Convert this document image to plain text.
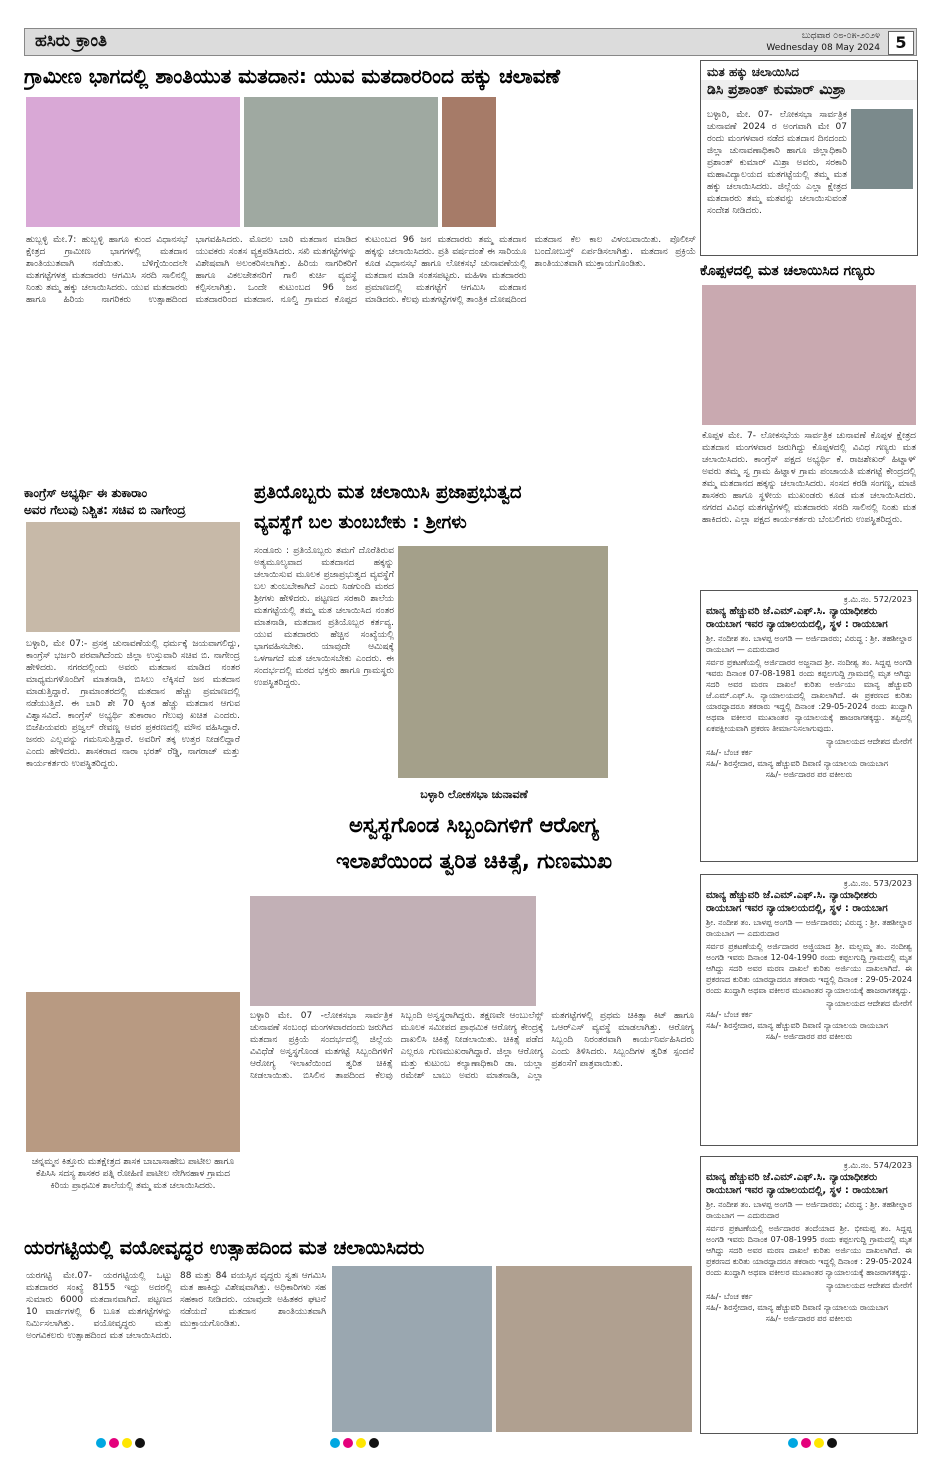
ಹಸಿರು ಕ್ರಾಂತಿ	ಬುಧವಾರ ೦೮-೦೫-೨೦೨೪
Wednesday 08 May 2024 5
ಗ್ರಾಮೀಣ ಭಾಗದಲ್ಲಿ ಶಾಂತಿಯುತ ಮತದಾನ: ಯುವ ಮತದಾರರಿಂದ ಹಕ್ಕು ಚಲಾವಣೆ
ಹುಬ್ಬಳ್ಳಿ ಮೇ.7: ಹುಬ್ಬಳ್ಳಿ ಹಾಗೂ ಕುಂದ ವಿಧಾನಸಭೆ ಕ್ಷೇತ್ರದ ಗ್ರಾಮೀಣ ಭಾಗಗಳಲ್ಲಿ ಮತದಾನ ಶಾಂತಿಯುತವಾಗಿ ನಡೆಯಿತು. ಬೆಳಿಗ್ಗೆಯಿಂದಲೇ ಮತಗಟ್ಟೆಗಳತ್ತ ಮತದಾರರು ಆಗಮಿಸಿ ಸರದಿ ಸಾಲಿನಲ್ಲಿ ನಿಂತು ತಮ್ಮ ಹಕ್ಕು ಚಲಾಯಿಸಿದರು. ಯುವ ಮತದಾರರು ಹಾಗೂ ಹಿರಿಯ ನಾಗರಿಕರು ಉತ್ಸಾಹದಿಂದ ಭಾಗವಹಿಸಿದರು. ಮೊದಲ ಬಾರಿ ಮತದಾನ ಮಾಡಿದ ಯುವಕರು ಸಂತಸ ವ್ಯಕ್ತಪಡಿಸಿದರು. ಸಖಿ ಮತಗಟ್ಟೆಗಳನ್ನು ವಿಶೇಷವಾಗಿ ಅಲಂಕರಿಸಲಾಗಿತ್ತು. ಹಿರಿಯ ನಾಗರಿಕರಿಗೆ ಹಾಗೂ ವಿಕಲಚೇತನರಿಗೆ ಗಾಲಿ ಕುರ್ಚಿ ವ್ಯವಸ್ಥೆ ಕಲ್ಪಿಸಲಾಗಿತ್ತು. ಒಂದೇ ಕುಟುಂಬದ 96 ಜನ ಮತದಾರರಿಂದ ಮತದಾನ. ನೂಲ್ವಿ ಗ್ರಾಮದ ಕೊಪ್ಪದ ಕುಟುಂಬದ 96 ಜನ ಮತದಾರರು ತಮ್ಮ ಮತದಾನ ಹಕ್ಕನ್ನು ಚಲಾಯಿಸಿದರು. ಪ್ರತಿ ವರ್ಷದಂತೆ ಈ ಸಾರಿಯೂ ಕೂಡ ವಿಧಾನಸಭೆ ಹಾಗೂ ಲೋಕಸಭೆ ಚುನಾವಣೆಯಲ್ಲಿ ಮತದಾನ ಮಾಡಿ ಸಂತಸಪಟ್ಟರು. ಮಹಿಳಾ ಮತದಾರರು ಪ್ರಮಾಣದಲ್ಲಿ ಮತಗಟ್ಟೆಗೆ ಆಗಮಿಸಿ ಮತದಾನ ಮಾಡಿದರು. ಕೆಲವು ಮತಗಟ್ಟೆಗಳಲ್ಲಿ ತಾಂತ್ರಿಕ ದೋಷದಿಂದ ಮತದಾನ ಕೆಲ ಕಾಲ ವಿಳಂಬವಾಯಿತು. ಪೊಲೀಸ್ ಬಂದೋಬಸ್ತ್ ಏರ್ಪಡಿಸಲಾಗಿತ್ತು. ಮತದಾನ ಪ್ರಕ್ರಿಯೆ ಶಾಂತಿಯುತವಾಗಿ ಮುಕ್ತಾಯಗೊಂಡಿತು.
ಮತ ಹಕ್ಕು ಚಲಾಯಿಸಿದ
ಡಿಸಿ ಪ್ರಶಾಂತ್ ಕುಮಾರ್ ಮಿಶ್ರಾ
ಬಳ್ಳಾರಿ, ಮೇ. 07- ಲೋಕಸಭಾ ಸಾರ್ವತ್ರಿಕ ಚುನಾವಣೆ 2024 ರ ಅಂಗವಾಗಿ ಮೇ 07 ರಂದು ಮಂಗಳವಾರ ನಡೆದ ಮತದಾನ ದಿನದಂದು ಜಿಲ್ಲಾ ಚುನಾವಣಾಧಿಕಾರಿ ಹಾಗೂ ಜಿಲ್ಲಾಧಿಕಾರಿ ಪ್ರಶಾಂತ್ ಕುಮಾರ್ ಮಿಶ್ರಾ ಅವರು, ಸರಕಾರಿ ಮಹಾವಿದ್ಯಾಲಯದ ಮತಗಟ್ಟೆಯಲ್ಲಿ ತಮ್ಮ ಮತ ಹಕ್ಕು ಚಲಾಯಿಸಿದರು. ಜಿಲ್ಲೆಯ ಎಲ್ಲಾ ಕ್ಷೇತ್ರದ ಮತದಾರರು ತಮ್ಮ ಮತವನ್ನು ಚಲಾಯಿಸುವಂತೆ ಸಂದೇಶ ನೀಡಿದರು.
ಕೊಪ್ಪಳದಲ್ಲಿ ಮತ ಚಲಾಯಿಸಿದ ಗಣ್ಯರು
ಕೊಪ್ಪಳ ಮೇ. 7- ಲೋಕಸಭೆಯ ಸಾರ್ವತ್ರಿಕ ಚುನಾವಣೆ ಕೊಪ್ಪಳ ಕ್ಷೇತ್ರದ ಮತದಾನ ಮಂಗಳವಾರ ಜರುಗಿದ್ದು ಕೊಪ್ಪಳದಲ್ಲಿ ವಿವಿಧ ಗಣ್ಯರು ಮತ ಚಲಾಯಿಸಿದರು. ಕಾಂಗ್ರೆಸ್ ಪಕ್ಷದ ಅಭ್ಯರ್ಥಿ ಕೆ. ರಾಜಶೇಖರ್ ಹಿಟ್ನಾಳ್ ಅವರು ತಮ್ಮ ಸ್ವ ಗ್ರಾಮ ಹಿಟ್ನಾಳ ಗ್ರಾಮ ಪಂಚಾಯತಿ ಮತಗಟ್ಟೆ ಕೇಂದ್ರದಲ್ಲಿ ತಮ್ಮ ಮತದಾನದ ಹಕ್ಕನ್ನು ಚಲಾಯಿಸಿದರು. ಸಂಸದ ಕರಡಿ ಸಂಗಣ್ಣ, ಮಾಜಿ ಶಾಸಕರು ಹಾಗೂ ಸ್ಥಳೀಯ ಮುಖಂಡರು ಕೂಡ ಮತ ಚಲಾಯಿಸಿದರು. ನಗರದ ವಿವಿಧ ಮತಗಟ್ಟೆಗಳಲ್ಲಿ ಮತದಾರರು ಸರದಿ ಸಾಲಿನಲ್ಲಿ ನಿಂತು ಮತ ಹಾಕಿದರು. ಎಲ್ಲಾ ಪಕ್ಷದ ಕಾರ್ಯಕರ್ತರು ಬೆಂಬಲಿಗರು ಉಪಸ್ಥಿತರಿದ್ದರು.
ಕಾಂಗ್ರೆಸ್ ಅಭ್ಯರ್ಥಿ ಈ ತುಕಾರಾಂ
ಅವರ ಗೆಲುವು ನಿಶ್ಚಿತ: ಸಚಿವ ಬಿ ನಾಗೇಂದ್ರ
ಬಳ್ಳಾರಿ, ಮೇ 07:- ಪ್ರಸಕ್ತ ಚುನಾವಣೆಯಲ್ಲಿ ಧರ್ಮಕ್ಕೆ ಜಯವಾಗಲಿದ್ದು, ಕಾಂಗ್ರೆಸ್ ಭರ್ಜರಿ ಪರವಾಗಿದೆಂದು ಜಿಲ್ಲಾ ಉಸ್ತುವಾರಿ ಸಚಿವ ಬಿ. ನಾಗೇಂದ್ರ ಹೇಳಿದರು. ನಗರದಲ್ಲಿಂದು ಅವರು ಮತದಾನ ಮಾಡಿದ ನಂತರ ಮಾಧ್ಯಮಗಳೊಂದಿಗೆ ಮಾತನಾಡಿ, ಬಿಸಿಲು ಲೆಕ್ಕಿಸದೆ ಜನ ಮತದಾನ ಮಾಡುತ್ತಿದ್ದಾರೆ. ಗ್ರಾಮಾಂತರದಲ್ಲಿ ಮತದಾನ ಹೆಚ್ಚು ಪ್ರಮಾಣದಲ್ಲಿ ನಡೆಯುತ್ತಿದೆ. ಈ ಬಾರಿ ಶೇ 70 ಕ್ಕಿಂತ ಹೆಚ್ಚು ಮತದಾನ ಆಗುವ ವಿಶ್ವಾಸವಿದೆ. ಕಾಂಗ್ರೆಸ್ ಅಭ್ಯರ್ಥಿ ತುಕಾರಾಂ ಗೆಲುವು ಖಚಿತ ಎಂದರು. ಬಿಜೆಪಿಯವರು ಪ್ರಜ್ವಲ್ ರೇವಣ್ಣ ಅವರ ಪ್ರಕರಣದಲ್ಲಿ ಮೌನ ವಹಿಸಿದ್ದಾರೆ. ಜನರು ಎಲ್ಲವನ್ನು ಗಮನಿಸುತ್ತಿದ್ದಾರೆ. ಅವರಿಗೆ ತಕ್ಕ ಉತ್ತರ ನೀಡಲಿದ್ದಾರೆ ಎಂದು ಹೇಳಿದರು. ಶಾಸಕರಾದ ನಾರಾ ಭರತ್ ರೆಡ್ಡಿ, ನಾಗರಾಜ್ ಮತ್ತು ಕಾರ್ಯಕರ್ತರು ಉಪಸ್ಥಿತರಿದ್ದರು.
ಪ್ರತಿಯೊಬ್ಬರು ಮತ ಚಲಾಯಿಸಿ ಪ್ರಜಾಪ್ರಭುತ್ವದ
ವ್ಯವಸ್ಥೆಗೆ ಬಲ ತುಂಬಬೇಕು : ಶ್ರೀಗಳು
ಸಂಡೂರು : ಪ್ರತಿಯೊಬ್ಬರು ತಮಗೆ ದೊರೆತಿರುವ ಅತ್ಯಮೂಲ್ಯವಾದ ಮತದಾನದ ಹಕ್ಕನ್ನು ಚಲಾಯಿಸುವ ಮೂಲಕ ಪ್ರಜಾಪ್ರಭುತ್ವದ ವ್ಯವಸ್ಥೆಗೆ ಬಲ ತುಂಬಬೇಕಾಗಿದೆ ಎಂದು ನಿಡಗುಂದಿ ಮಠದ ಶ್ರೀಗಳು ಹೇಳಿದರು. ಪಟ್ಟಣದ ಸರಕಾರಿ ಶಾಲೆಯ ಮತಗಟ್ಟೆಯಲ್ಲಿ ತಮ್ಮ ಮತ ಚಲಾಯಿಸಿದ ನಂತರ ಮಾತನಾಡಿ, ಮತದಾನ ಪ್ರತಿಯೊಬ್ಬರ ಕರ್ತವ್ಯ. ಯುವ ಮತದಾರರು ಹೆಚ್ಚಿನ ಸಂಖ್ಯೆಯಲ್ಲಿ ಭಾಗವಹಿಸಬೇಕು. ಯಾವುದೇ ಆಮಿಷಕ್ಕೆ ಒಳಗಾಗದೆ ಮತ ಚಲಾಯಿಸಬೇಕು ಎಂದರು. ಈ ಸಂದರ್ಭದಲ್ಲಿ ಮಠದ ಭಕ್ತರು ಹಾಗೂ ಗ್ರಾಮಸ್ಥರು ಉಪಸ್ಥಿತರಿದ್ದರು.
ಕ್ರ.ಮಿ.ನಂ. 572/2023
ಮಾನ್ಯ ಹೆಚ್ಚುವರಿ ಜೆ.ಎಮ್.ಎಫ್.ಸಿ. ನ್ಯಾಯಾಧೀಶರು ರಾಯಬಾಗ ಇವರ ನ್ಯಾಯಾಲಯದಲ್ಲಿ, ಸ್ಥಳ : ರಾಯಬಾಗ
ಶ್ರೀ. ನಂದೀಶ ತಂ. ಬಾಳಪ್ಪ ಅಂಗಡಿ — ಅರ್ಜಿದಾರರು; ವಿರುದ್ಧ : ಶ್ರೀ. ತಹಶೀಲ್ದಾರ ರಾಯಬಾಗ — ಎದುರುದಾರ
ಸರ್ವರ ಪ್ರಕಟಣೆಯಲ್ಲಿ ಅರ್ಜಿದಾರರ ಅಜ್ಜನಾದ ಶ್ರೀ. ನಂದೀಶ್ವ ತಂ. ಸಿದ್ದಪ್ಪ ಅಂಗಡಿ ಇವರು ದಿನಾಂಕ 07-08-1981 ರಂದು ಕಪ್ಪಲಗುದ್ದಿ ಗ್ರಾಮದಲ್ಲಿ ಮೃತ ಆಗಿದ್ದು ಸದರಿ ಅವರ ಮರಣ ದಾಖಲೆ ಕುರಿತು ಅರ್ಜಿಯು ಮಾನ್ಯ ಹೆಚ್ಚುವರಿ ಜೆ.ಎಮ್.ಎಫ್.ಸಿ. ನ್ಯಾಯಾಲಯದಲ್ಲಿ ದಾಖಲಾಗಿದೆ. ಈ ಪ್ರಕರಣದ ಕುರಿತು ಯಾರದ್ದಾದರೂ ತಕರಾರು ಇದ್ದಲ್ಲಿ ದಿನಾಂಕ :29-05-2024 ರಂದು ಖುದ್ದಾಗಿ ಅಥವಾ ವಕೀಲರ ಮುಖಾಂತರ ನ್ಯಾಯಾಲಯಕ್ಕೆ ಹಾಜರಾಗತಕ್ಕದ್ದು. ತಪ್ಪಿದಲ್ಲಿ ಏಕಪಕ್ಷೀಯವಾಗಿ ಪ್ರಕರಣ ತೀರ್ಮಾನಿಸಲಾಗುವುದು.
ನ್ಯಾಯಾಲಯದ ಆದೇಶದ ಮೇರೆಗೆ
ಸಹಿ/- ಬೆಂಚ ಕರ್ಕ
ಸಹಿ/- ಶಿರಸ್ತೇದಾರ, ಮಾನ್ಯ ಹೆಚ್ಚುವರಿ ದಿವಾಣಿ ನ್ಯಾಯಾಲಯ ರಾಯಬಾಗ
ಸಹಿ/- ಅರ್ಜಿದಾರರ ಪರ ವಕೀಲರು
ಬಳ್ಳಾರಿ ಲೋಕಸಭಾ ಚುನಾವಣೆ
ಅಸ್ವಸ್ಥಗೊಂಡ ಸಿಬ್ಬಂದಿಗಳಿಗೆ ಆರೋಗ್ಯ
ಇಲಾಖೆಯಿಂದ ತ್ವರಿತ ಚಿಕಿತ್ಸೆ, ಗುಣಮುಖ
ಬಳ್ಳಾರಿ ಮೇ. 07 -ಲೋಕಸಭಾ ಸಾರ್ವತ್ರಿಕ ಚುನಾವಣೆ ಸಂಬಂಧ ಮಂಗಳವಾರದಂದು ಜರುಗಿದ ಮತದಾನ ಪ್ರಕ್ರಿಯೆ ಸಂದರ್ಭದಲ್ಲಿ ಜಿಲ್ಲೆಯ ವಿವಿಧೆಡೆ ಅಸ್ವಸ್ಥಗೊಂಡ ಮತಗಟ್ಟೆ ಸಿಬ್ಬಂದಿಗಳಿಗೆ ಆರೋಗ್ಯ ಇಲಾಖೆಯಿಂದ ತ್ವರಿತ ಚಿಕಿತ್ಸೆ ನೀಡಲಾಯಿತು. ಬಿಸಿಲಿನ ತಾಪದಿಂದ ಕೆಲವು ಸಿಬ್ಬಂದಿ ಅಸ್ವಸ್ಥರಾಗಿದ್ದರು. ತಕ್ಷಣವೇ ಆಂಬುಲೆನ್ಸ್ ಮೂಲಕ ಸಮೀಪದ ಪ್ರಾಥಮಿಕ ಆರೋಗ್ಯ ಕೇಂದ್ರಕ್ಕೆ ದಾಖಲಿಸಿ ಚಿಕಿತ್ಸೆ ನೀಡಲಾಯಿತು. ಚಿಕಿತ್ಸೆ ಪಡೆದ ಎಲ್ಲರೂ ಗುಣಮುಖರಾಗಿದ್ದಾರೆ. ಜಿಲ್ಲಾ ಆರೋಗ್ಯ ಮತ್ತು ಕುಟುಂಬ ಕಲ್ಯಾಣಾಧಿಕಾರಿ ಡಾ. ಯಲ್ಲಾ ರಮೇಶ್ ಬಾಬು ಅವರು ಮಾತನಾಡಿ, ಎಲ್ಲಾ ಮತಗಟ್ಟೆಗಳಲ್ಲಿ ಪ್ರಥಮ ಚಿಕಿತ್ಸಾ ಕಿಟ್ ಹಾಗೂ ಒಆರ್‌ಎಸ್ ವ್ಯವಸ್ಥೆ ಮಾಡಲಾಗಿತ್ತು. ಆರೋಗ್ಯ ಸಿಬ್ಬಂದಿ ನಿರಂತರವಾಗಿ ಕಾರ್ಯನಿರ್ವಹಿಸಿದರು ಎಂದು ತಿಳಿಸಿದರು. ಸಿಬ್ಬಂದಿಗಳ ತ್ವರಿತ ಸ್ಪಂದನೆ ಪ್ರಶಂಸೆಗೆ ಪಾತ್ರವಾಯಿತು.
ಚನ್ನಮ್ಮನ ಕಿತ್ತೂರು ಮತಕ್ಷೇತ್ರದ ಶಾಸಕ ಬಾಬಾಸಾಹೇಬ ಪಾಟೀಲ ಹಾಗೂ ಕೆಪಿಸಿಸಿ ಸದಸ್ಯ ಶಾಸಕರ ಪತ್ನಿ ರೋಹಿಣಿ ಪಾಟೀಲ ನೇಗಿನಹಾಳ ಗ್ರಾಮದ ಕಿರಿಯ ಪ್ರಾಥಮಿಕ ಶಾಲೆಯಲ್ಲಿ ತಮ್ಮ ಮತ ಚಲಾಯಿಸಿದರು.
ಕ್ರ.ಮಿ.ನಂ. 573/2023
ಮಾನ್ಯ ಹೆಚ್ಚುವರಿ ಜೆ.ಎಮ್.ಎಫ್.ಸಿ. ನ್ಯಾಯಾಧೀಶರು ರಾಯಬಾಗ ಇವರ ನ್ಯಾಯಾಲಯದಲ್ಲಿ, ಸ್ಥಳ : ರಾಯಬಾಗ
ಶ್ರೀ. ನಂದೀಶ ತಂ. ಬಾಳಪ್ಪ ಅಂಗಡಿ — ಅರ್ಜಿದಾರರು; ವಿರುದ್ಧ : ಶ್ರೀ. ತಹಶೀಲ್ದಾರ ರಾಯಬಾಗ — ಎದುರುದಾರ
ಸರ್ವರ ಪ್ರಕಟಣೆಯಲ್ಲಿ ಅರ್ಜಿದಾರರ ಅಜ್ಜಿಯಾದ ಶ್ರೀ. ಮಲ್ಲಮ್ಮ ತಂ. ನಂದೀಶ್ವ ಅಂಗಡಿ ಇವರು ದಿನಾಂಕ 12-04-1990 ರಂದು ಕಪ್ಪಲಗುದ್ದಿ ಗ್ರಾಮದಲ್ಲಿ ಮೃತ ಆಗಿದ್ದು ಸದರಿ ಅವರ ಮರಣ ದಾಖಲೆ ಕುರಿತು ಅರ್ಜಿಯು ದಾಖಲಾಗಿದೆ. ಈ ಪ್ರಕರಣದ ಕುರಿತು ಯಾರದ್ದಾದರೂ ತಕರಾರು ಇದ್ದಲ್ಲಿ ದಿನಾಂಕ : 29-05-2024 ರಂದು ಖುದ್ದಾಗಿ ಅಥವಾ ವಕೀಲರ ಮುಖಾಂತರ ನ್ಯಾಯಾಲಯಕ್ಕೆ ಹಾಜರಾಗತಕ್ಕದ್ದು.
ನ್ಯಾಯಾಲಯದ ಆದೇಶದ ಮೇರೆಗೆ
ಸಹಿ/- ಬೆಂಚ ಕರ್ಕ
ಸಹಿ/- ಶಿರಸ್ತೇದಾರ, ಮಾನ್ಯ ಹೆಚ್ಚುವರಿ ದಿವಾಣಿ ನ್ಯಾಯಾಲಯ ರಾಯಬಾಗ
ಸಹಿ/- ಅರ್ಜಿದಾರರ ಪರ ವಕೀಲರು
ಕ್ರ.ಮಿ.ನಂ. 574/2023
ಮಾನ್ಯ ಹೆಚ್ಚುವರಿ ಜೆ.ಎಮ್.ಎಫ್.ಸಿ. ನ್ಯಾಯಾಧೀಶರು ರಾಯಬಾಗ ಇವರ ನ್ಯಾಯಾಲಯದಲ್ಲಿ, ಸ್ಥಳ : ರಾಯಬಾಗ
ಶ್ರೀ. ನಂದೀಶ ತಂ. ಬಾಳಪ್ಪ ಅಂಗಡಿ — ಅರ್ಜಿದಾರರು; ವಿರುದ್ಧ : ಶ್ರೀ. ತಹಶೀಲ್ದಾರ ರಾಯಬಾಗ — ಎದುರುದಾರ
ಸರ್ವರ ಪ್ರಕಟಣೆಯಲ್ಲಿ ಅರ್ಜಿದಾರರ ತಂದೆಯಾದ ಶ್ರೀ. ಭೀಮಪ್ಪ ತಂ. ಸಿದ್ದಪ್ಪ ಅಂಗಡಿ ಇವರು ದಿನಾಂಕ 07-08-1995 ರಂದು ಕಪ್ಪಲಗುದ್ದಿ ಗ್ರಾಮದಲ್ಲಿ ಮೃತ ಆಗಿದ್ದು ಸದರಿ ಅವರ ಮರಣ ದಾಖಲೆ ಕುರಿತು ಅರ್ಜಿಯು ದಾಖಲಾಗಿದೆ. ಈ ಪ್ರಕರಣದ ಕುರಿತು ಯಾರದ್ದಾದರೂ ತಕರಾರು ಇದ್ದಲ್ಲಿ ದಿನಾಂಕ : 29-05-2024 ರಂದು ಖುದ್ದಾಗಿ ಅಥವಾ ವಕೀಲರ ಮುಖಾಂತರ ನ್ಯಾಯಾಲಯಕ್ಕೆ ಹಾಜರಾಗತಕ್ಕದ್ದು.
ನ್ಯಾಯಾಲಯದ ಆದೇಶದ ಮೇರೆಗೆ
ಸಹಿ/- ಬೆಂಚ ಕರ್ಕ
ಸಹಿ/- ಶಿರಸ್ತೇದಾರ, ಮಾನ್ಯ ಹೆಚ್ಚುವರಿ ದಿವಾಣಿ ನ್ಯಾಯಾಲಯ ರಾಯಬಾಗ
ಸಹಿ/- ಅರ್ಜಿದಾರರ ಪರ ವಕೀಲರು
ಯರಗಟ್ಟಿಯಲ್ಲಿ ವಯೋವೃದ್ಧರ ಉತ್ಸಾಹದಿಂದ ಮತ ಚಲಾಯಿಸಿದರು
ಯರಗಟ್ಟಿ ಮೇ.07- ಯರಗಟ್ಟಿಯಲ್ಲಿ ಒಟ್ಟು ಮತದಾರರ ಸಂಖ್ಯೆ 8155 ಇದ್ದು ಅದರಲ್ಲಿ ಸುಮಾರು 6000 ಮತದಾನವಾಗಿದೆ. ಪಟ್ಟಣದ 10 ವಾರ್ಡಗಳಲ್ಲಿ 6 ಬೂತ ಮತಗಟ್ಟೆಗಳನ್ನು ನಿರ್ಮಿಸಲಾಗಿತ್ತು. ವಯೋವೃದ್ಧರು ಮತ್ತು ಅಂಗವಿಕಲರು ಉತ್ಸಾಹದಿಂದ ಮತ ಚಲಾಯಿಸಿದರು. 88 ಮತ್ತು 84 ವಯಸ್ಸಿನ ವೃದ್ಧರು ಸ್ವತಃ ಆಗಮಿಸಿ ಮತ ಹಾಕಿದ್ದು ವಿಶೇಷವಾಗಿತ್ತು. ಅಧಿಕಾರಿಗಳು ಸಹ ಸಹಕಾರ ನೀಡಿದರು. ಯಾವುದೇ ಅಹಿತಕರ ಘಟನೆ ನಡೆಯದೆ ಮತದಾನ ಶಾಂತಿಯುತವಾಗಿ ಮುಕ್ತಾಯಗೊಂಡಿತು.
